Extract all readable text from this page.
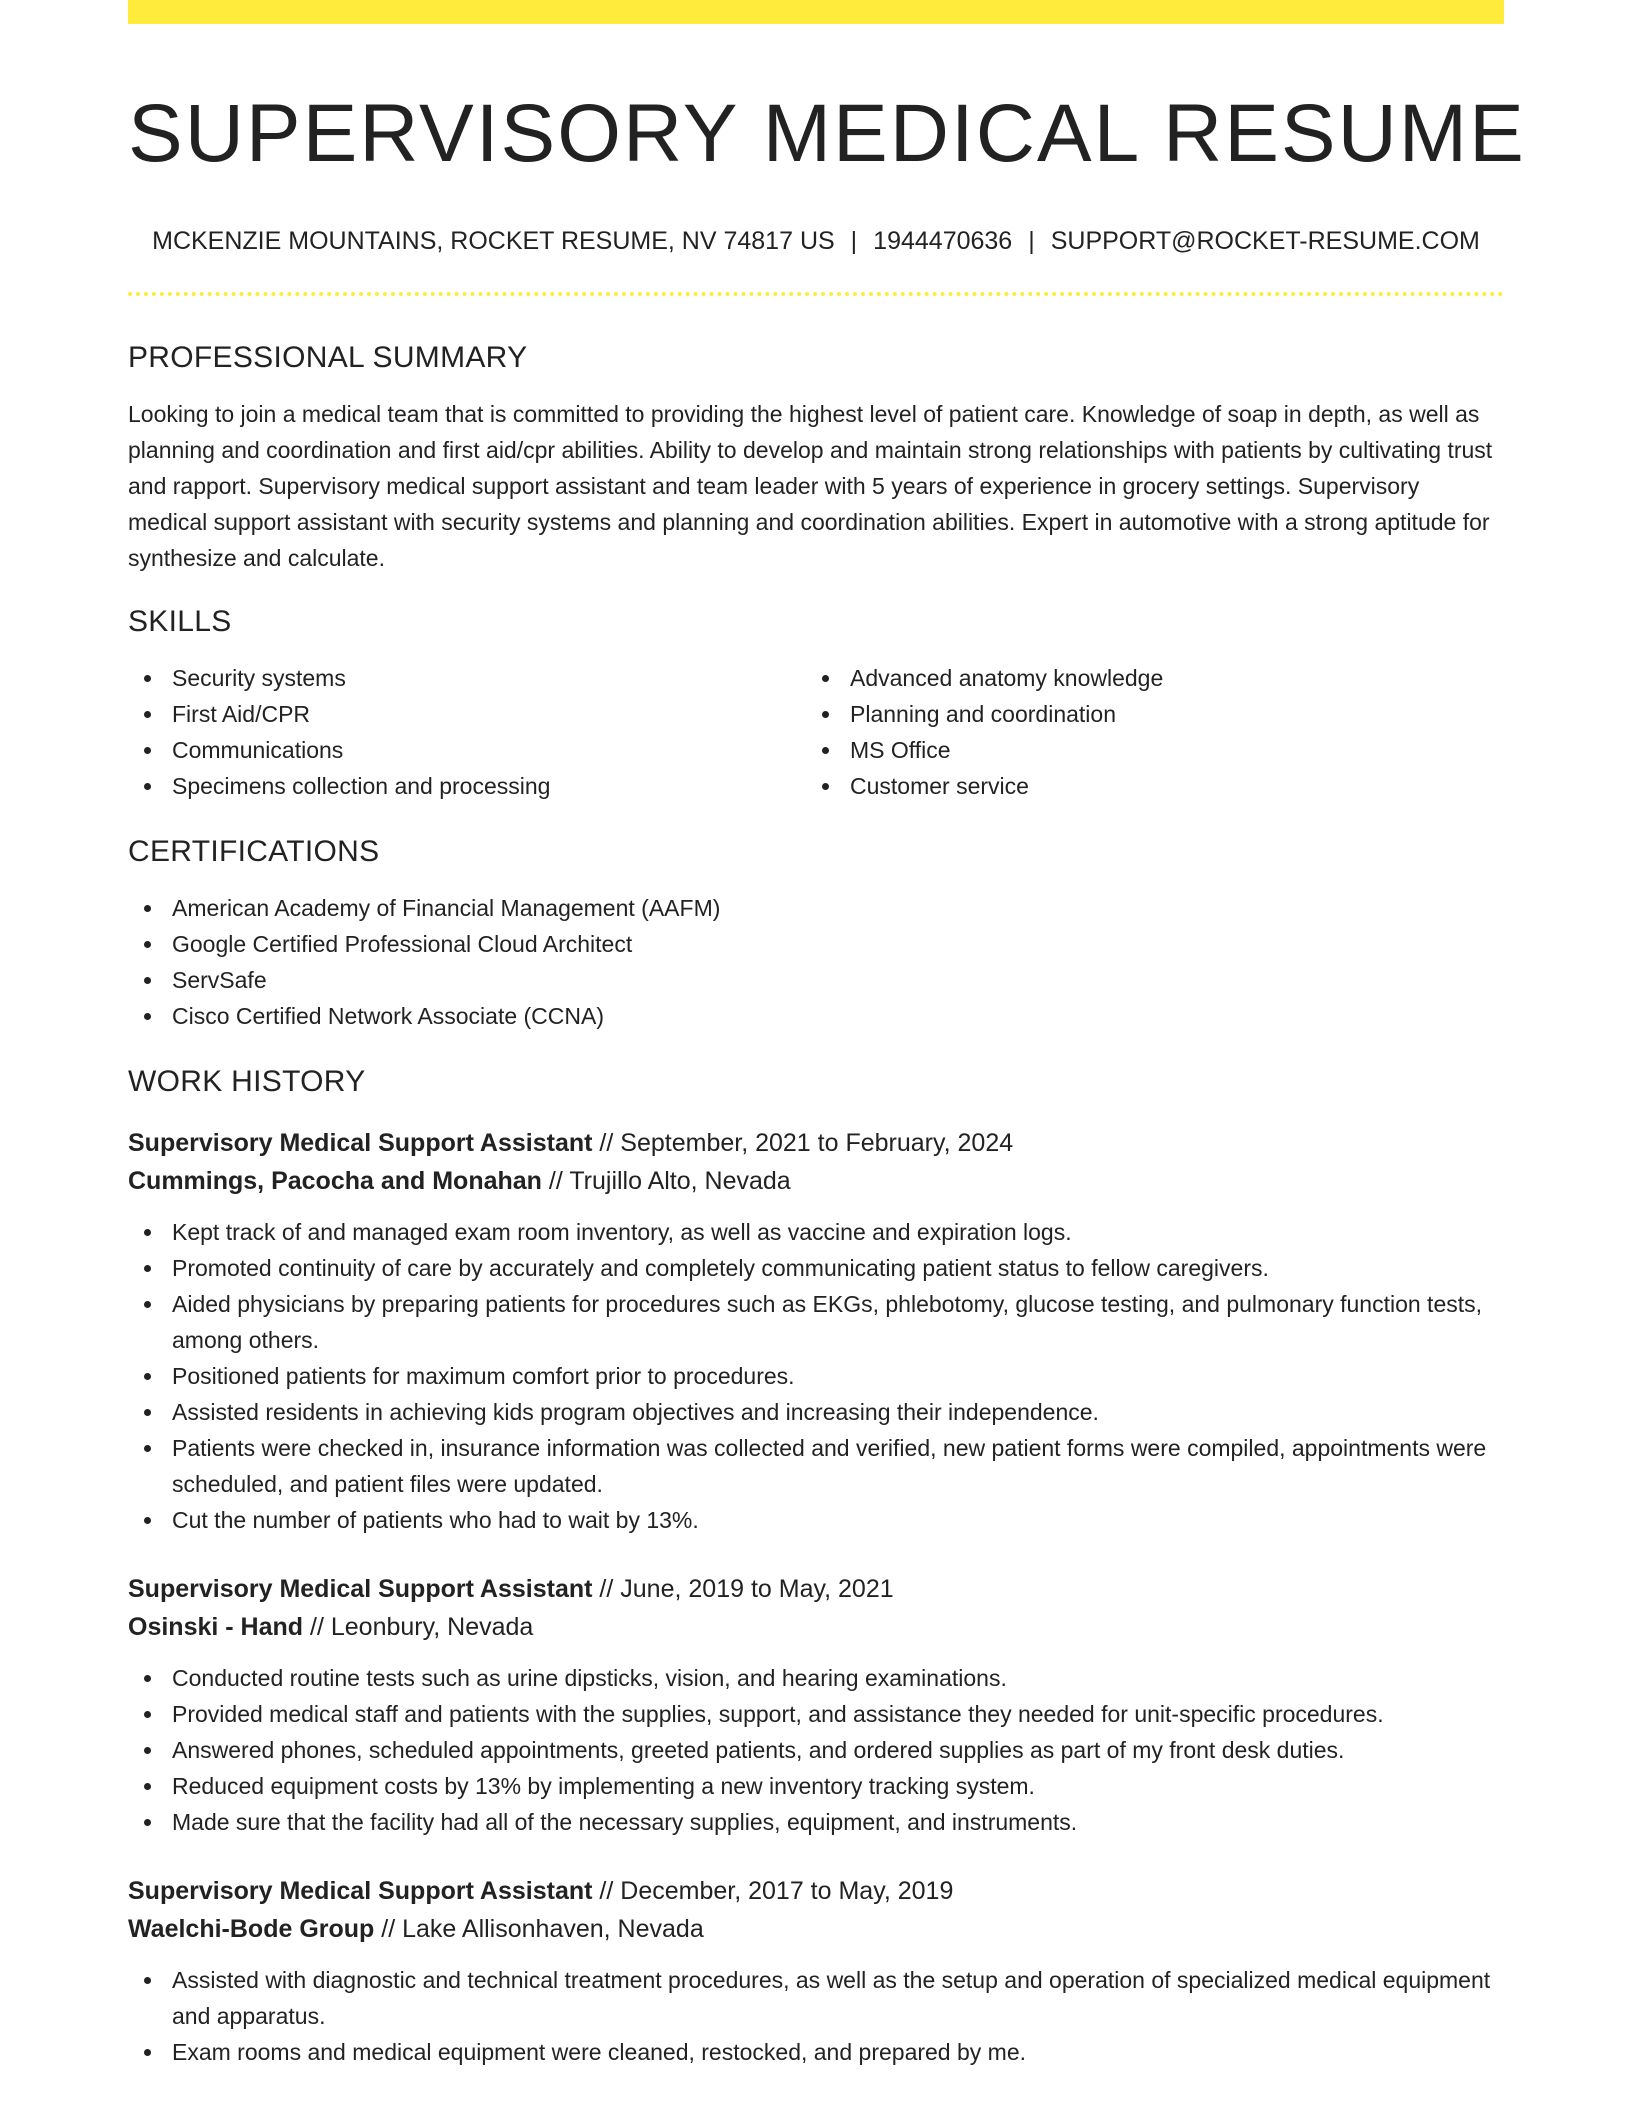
SUPERVISORY MEDICAL RESUME
MCKENZIE MOUNTAINS, ROCKET RESUME, NV 74817 US | 1944470636 | SUPPORT@ROCKET-RESUME.COM
PROFESSIONAL SUMMARY

Looking to join a medical team that is committed to providing the highest level of patient care. Knowledge of soap in depth, as well as planning and coordination and first aid/cpr abilities. Ability to develop and maintain strong relationships with patients by cultivating trust and rapport. Supervisory medical support assistant and team leader with 5 years of experience in grocery settings. Supervisory medical support assistant with security systems and planning and coordination abilities. Expert in automotive with a strong aptitude for synthesize and calculate.

SKILLS
Security systems
First Aid/CPR
Communications
Specimens collection and processing
Advanced anatomy knowledge
Planning and coordination
MS Office
Customer service
CERTIFICATIONS
American Academy of Financial Management (AAFM)
Google Certified Professional Cloud Architect
ServSafe
Cisco Certified Network Associate (CCNA)
WORK HISTORY
Supervisory Medical Support Assistant // September, 2021 to February, 2024
Cummings, Pacocha and Monahan // Trujillo Alto, Nevada
Kept track of and managed exam room inventory, as well as vaccine and expiration logs.
Promoted continuity of care by accurately and completely communicating patient status to fellow caregivers.
Aided physicians by preparing patients for procedures such as EKGs, phlebotomy, glucose testing, and pulmonary function tests, among others.
Positioned patients for maximum comfort prior to procedures.
Assisted residents in achieving kids program objectives and increasing their independence.
Patients were checked in, insurance information was collected and verified, new patient forms were compiled, appointments were scheduled, and patient files were updated.
Cut the number of patients who had to wait by 13%.
Supervisory Medical Support Assistant // June, 2019 to May, 2021
Osinski - Hand // Leonbury, Nevada
Conducted routine tests such as urine dipsticks, vision, and hearing examinations.
Provided medical staff and patients with the supplies, support, and assistance they needed for unit-specific procedures.
Answered phones, scheduled appointments, greeted patients, and ordered supplies as part of my front desk duties.
Reduced equipment costs by 13% by implementing a new inventory tracking system.
Made sure that the facility had all of the necessary supplies, equipment, and instruments.
Supervisory Medical Support Assistant // December, 2017 to May, 2019
Waelchi-Bode Group // Lake Allisonhaven, Nevada
Assisted with diagnostic and technical treatment procedures, as well as the setup and operation of specialized medical equipment and apparatus.
Exam rooms and medical equipment were cleaned, restocked, and prepared by me.
